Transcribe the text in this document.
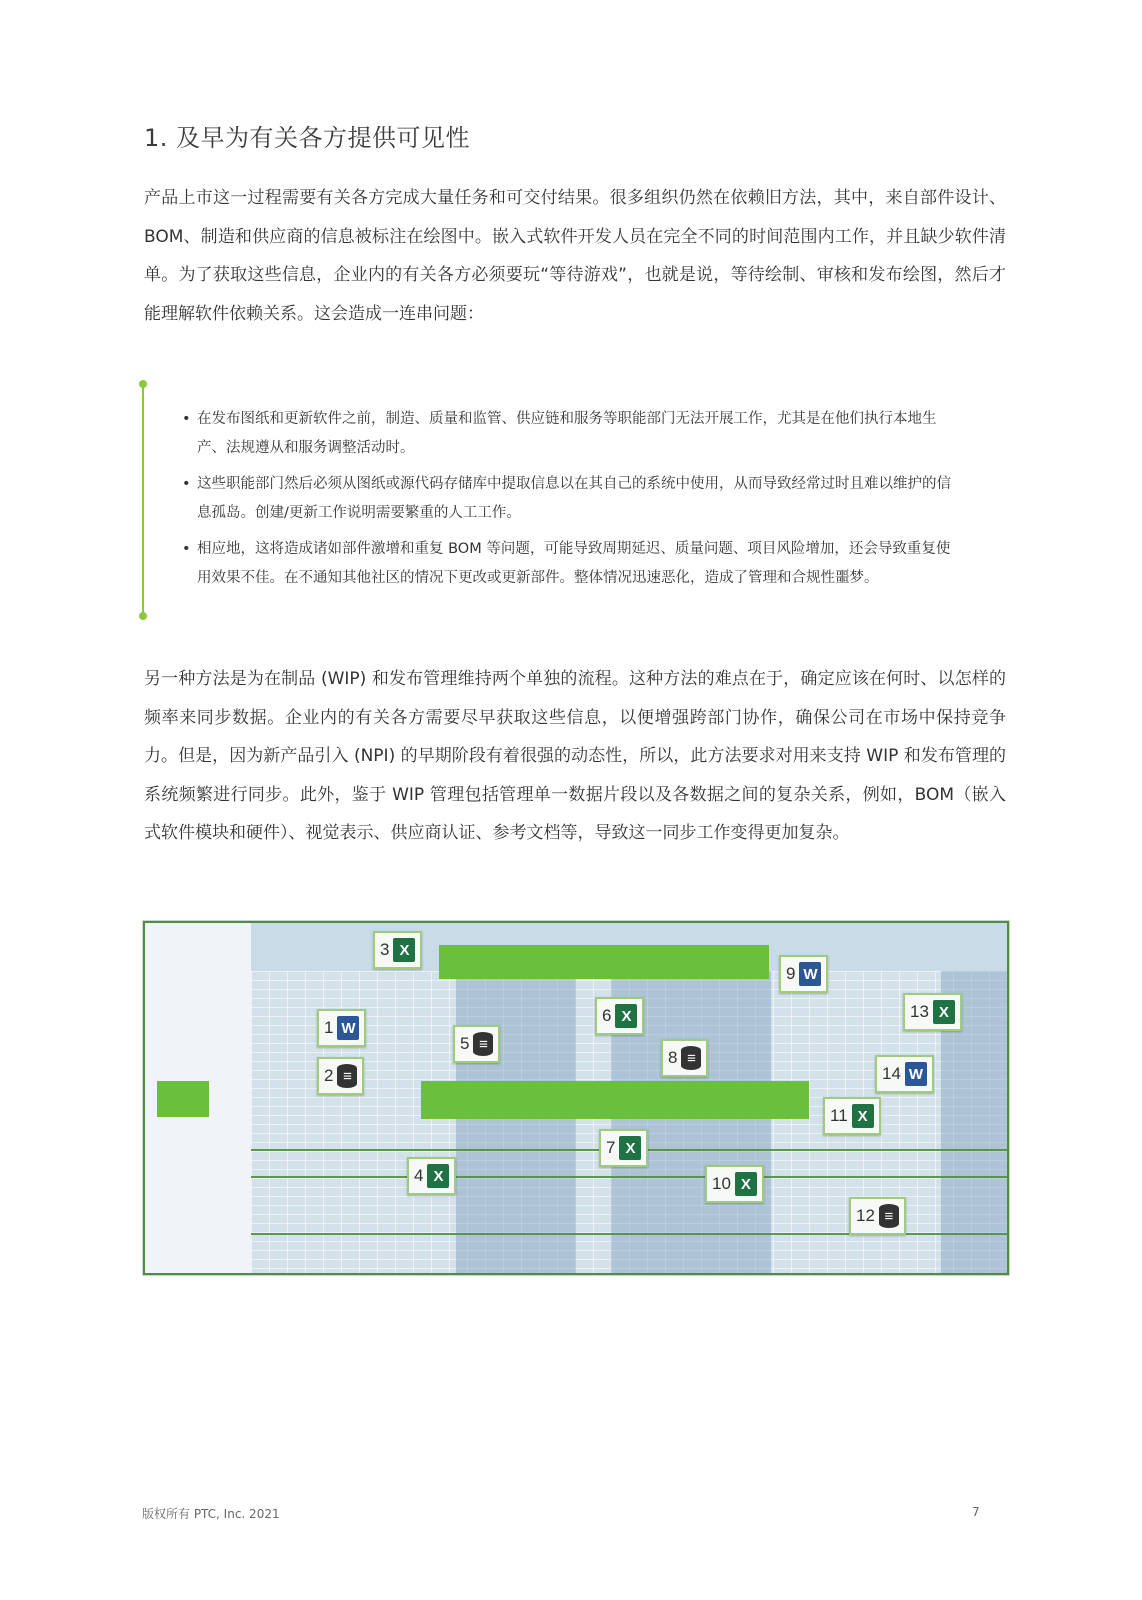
1. 及早为有关各方提供可见性

产品上市这一过程需要有关各方完成大量任务和可交付结果。很多组织仍然在依赖旧方法，其中，来自部件设计、BOM、制造和供应商的信息被标注在绘图中。嵌入式软件开发人员在完全不同的时间范围内工作，并且缺少软件清单。为了获取这些信息，企业内的有关各方必须要玩“等待游戏”，也就是说，等待绘制、审核和发布绘图，然后才能理解软件依赖关系。这会造成一连串问题：

• 在发布图纸和更新软件之前，制造、质量和监管、供应链和服务等职能部门无法开展工作，尤其是在他们执行本地生产、法规遵从和服务调整活动时。
• 这些职能部门然后必须从图纸或源代码存储库中提取信息以在其自己的系统中使用，从而导致经常过时且难以维护的信息孤岛。创建/更新工作说明需要繁重的人工工作。
• 相应地，这将造成诸如部件激增和重复 BOM 等问题，可能导致周期延迟、质量问题、项目风险增加，还会导致重复使用效果不佳。在不通知其他社区的情况下更改或更新部件。整体情况迅速恶化，造成了管理和合规性噩梦。

另一种方法是为在制品 (WIP) 和发布管理维持两个单独的流程。这种方法的难点在于，确定应该在何时、以怎样的频率来同步数据。企业内的有关各方需要尽早获取这些信息，以便增强跨部门协作，确保公司在市场中保持竞争力。但是，因为新产品引入 (NPI) 的早期阶段有着很强的动态性，所以，此方法要求对用来支持 WIP 和发布管理的系统频繁进行同步。此外，鉴于 WIP 管理包括管理单一数据片段以及各数据之间的复杂关系，例如，BOM（嵌入式软件模块和硬件）、视觉表示、供应商认证、参考文档等，导致这一同步工作变得更加复杂。

1 W
2 ≡
3 X
4 X
5 ≡
6 X
7 X
8 ≡
9 W
10 X
11 X
12 ≡
13 X
14 W
版权所有 PTC, Inc. 2021	7
